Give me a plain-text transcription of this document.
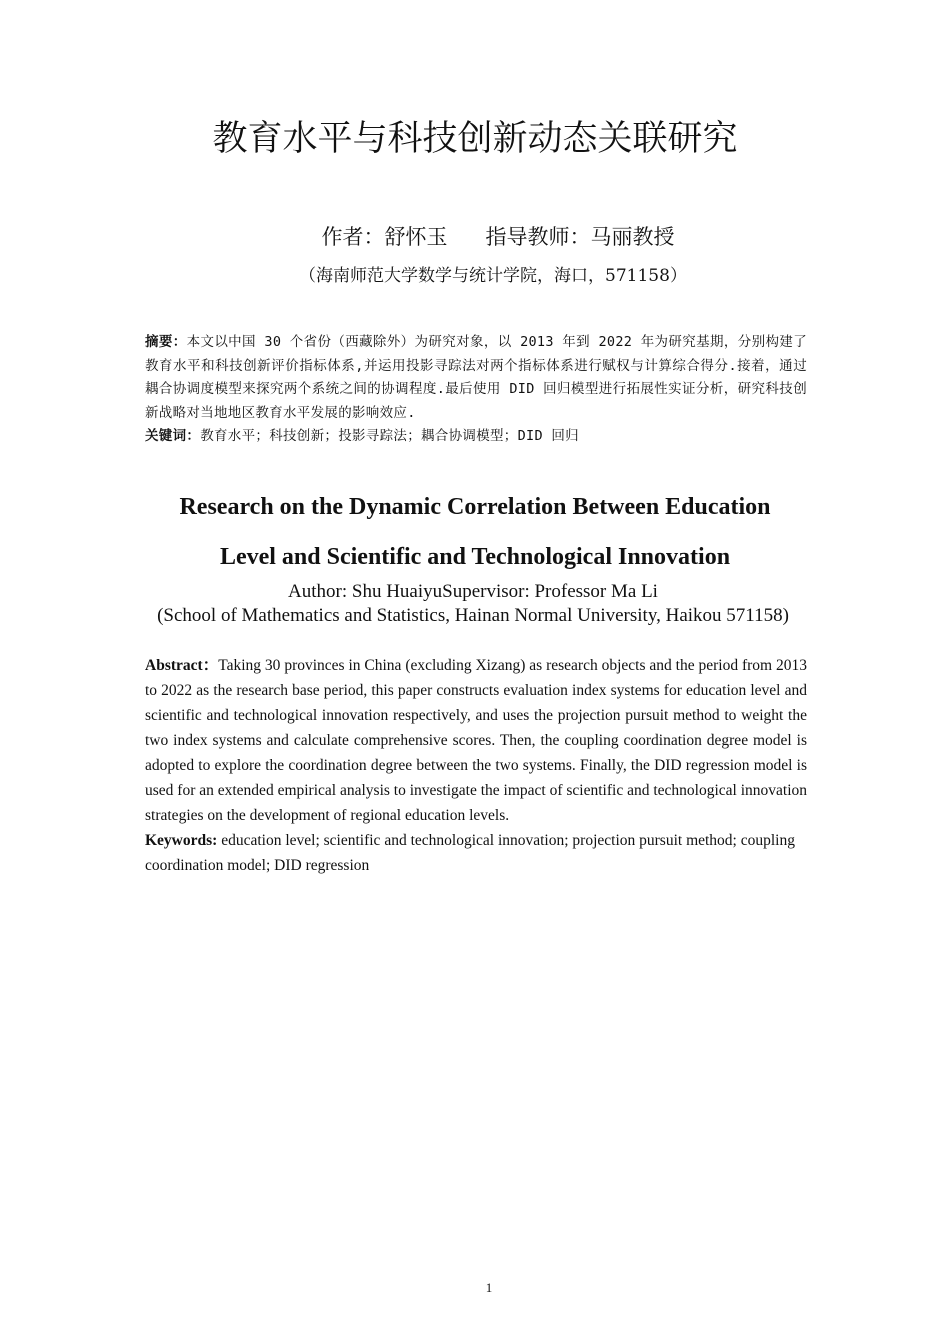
教育水平与科技创新动态关联研究
作者：舒怀玉   指导教师：马丽教授
（海南师范大学数学与统计学院，海口，571158）
摘要：本文以中国 30 个省份（西藏除外）为研究对象，以 2013 年到 2022 年为研究基期，分别构建了教育水平和科技创新评价指标体系,并运用投影寻踪法对两个指标体系进行赋权与计算综合得分.接着，通过耦合协调度模型来探究两个系统之间的协调程度.最后使用 DID 回归模型进行拓展性实证分析，研究科技创新战略对当地地区教育水平发展的影响效应.
关键词：教育水平；科技创新；投影寻踪法；耦合协调模型；DID 回归
Research on the Dynamic Correlation Between Education
Level and Scientific and Technological Innovation
Author: Shu HuaiyuSupervisor: Professor Ma Li
(School of Mathematics and Statistics, Hainan Normal University, Haikou 571158)
Abstract：Taking 30 provinces in China (excluding Xizang) as research objects and the period from 2013 to 2022 as the research base period, this paper constructs evaluation index systems for education level and scientific and technological innovation respectively, and uses the projection pursuit method to weight the two index systems and calculate comprehensive scores. Then, the coupling coordination degree model is adopted to explore the coordination degree between the two systems. Finally, the DID regression model is used for an extended empirical analysis to investigate the impact of scientific and technological innovation strategies on the development of regional education levels.
Keywords: education level; scientific and technological innovation; projection pursuit method; coupling coordination model; DID regression
1
